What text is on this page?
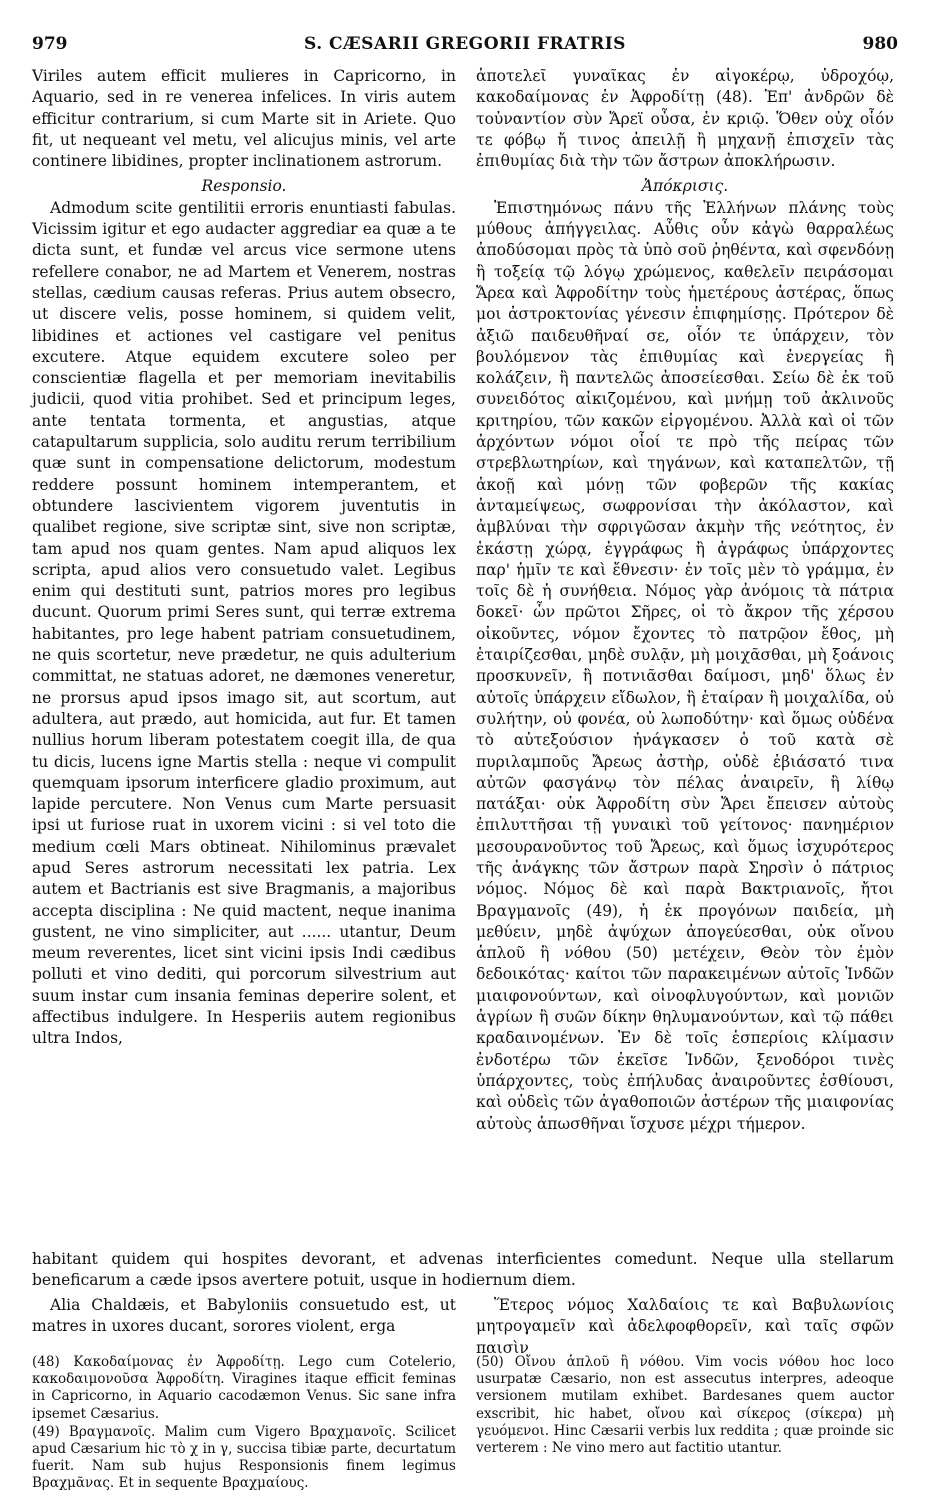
S. CÆSARII GREGORII FRATRIS
979	980

Viriles autem efficit mulieres in Capricorno, in Aquario, sed in re venerea infelices. In viris autem efficitur contrarium, si cum Marte sit in Ariete. Quo fit, ut nequeant vel metu, vel alicujus minis, vel arte continere libidines, propter inclinationem astrorum.

Responsio.

Admodum scite gentilitii erroris enuntiasti fabulas. Vicissim igitur et ego audacter aggrediar ea quæ a te dicta sunt, et fundæ vel arcus vice sermone utens refellere conabor, ne ad Martem et Venerem, nostras stellas, cædium causas referas. Prius autem obsecro, ut discere velis, posse hominem, si quidem velit, libidines et actiones vel castigare vel penitus excutere. Atque equidem excutere soleo per conscientiæ flagella et per memoriam inevitabilis judicii, quod vitia prohibet. Sed et principum leges, ante tentata tormenta, et angustias, atque catapultarum supplicia, solo auditu rerum terribilium quæ sunt in compensatione delictorum, modestum reddere possunt hominem intemperantem, et obtundere lascivientem vigorem juventutis in qualibet regione, sive scriptæ sint, sive non scriptæ, tam apud nos quam gentes. Nam apud aliquos lex scripta, apud alios vero consuetudo valet. Legibus enim qui destituti sunt, patrios mores pro legibus ducunt. Quorum primi Seres sunt, qui terræ extrema habitantes, pro lege habent patriam consuetudinem, ne quis scortetur, neve prædetur, ne quis adulterium committat, ne statuas adoret, ne dæmones veneretur, ne prorsus apud ipsos imago sit, aut scortum, aut adultera, aut prædo, aut homicida, aut fur. Et tamen nullius horum liberam potestatem coegit illa, de qua tu dicis, lucens igne Martis stella : neque vi compulit quemquam ipsorum interficere gladio proximum, aut lapide percutere. Non Venus cum Marte persuasit ipsi ut furiose ruat in uxorem vicini : si vel toto die medium cœli Mars obtineat. Nihilominus prævalet apud Seres astrorum necessitati lex patria. Lex autem et Bactrianis est sive Bragmanis, a majoribus accepta disciplina : Ne quid mactent, neque inanima gustent, ne vino simpliciter, aut ...... utantur, Deum meum reverentes, licet sint vicini ipsis Indi cædibus polluti et vino dediti, qui porcorum silvestrium aut suum instar cum insania feminas deperire solent, et affectibus indulgere. In Hesperiis autem regionibus ultra Indos,

ἀποτελεῖ γυναῖκας ἐν αἰγοκέρῳ, ὑδροχόῳ, κακοδαίμονας ἐν Ἀφροδίτῃ (48). Ἐπ' ἀνδρῶν δὲ τοὐναντίον σὺν Ἄρεϊ οὖσα, ἐν κριῷ. Ὅθεν οὐχ οἷόν τε φόβῳ ἤ τινος ἀπειλῇ ἢ μηχανῇ ἐπισχεῖν τὰς ἐπιθυμίας διὰ τὴν τῶν ἄστρων ἀποκλήρωσιν.

Ἀπόκρισις.

Ἐπιστημόνως πάνυ τῆς Ἑλλήνων πλάνης τοὺς μύθους ἀπήγγειλας. Αὖθις οὖν κἀγὼ θαρραλέως ἀποδύσομαι πρὸς τὰ ὑπὸ σοῦ ῥηθέντα, καὶ σφενδόνῃ ἢ τοξείᾳ τῷ λόγῳ χρώμενος, καθελεῖν πειράσομαι Ἄρεα καὶ Ἀφροδίτην τοὺς ἡμετέρους ἀστέρας, ὅπως μοι ἀστροκτονίας γένεσιν ἐπιφημίσῃς. Πρότερον δὲ ἀξιῶ παιδευθῆναί σε, οἷόν τε ὑπάρχειν, τὸν βουλόμενον τὰς ἐπιθυμίας καὶ ἐνεργείας ἢ κολάζειν, ἢ παντελῶς ἀποσείεσθαι. Σείω δὲ ἐκ τοῦ συνειδότος αἰκιζομένου, καὶ μνήμῃ τοῦ ἀκλινοῦς κριτηρίου, τῶν κακῶν εἰργομένου. Ἀλλὰ καὶ οἱ τῶν ἀρχόντων νόμοι οἷοί τε πρὸ τῆς πείρας τῶν στρεβλωτηρίων, καὶ τηγάνων, καὶ καταπελτῶν, τῇ ἀκοῇ καὶ μόνῃ τῶν φοβερῶν τῆς κακίας ἀνταμείψεως, σωφρονίσαι τὴν ἀκόλαστον, καὶ ἀμβλύναι τὴν σφριγῶσαν ἀκμὴν τῆς νεότητος, ἐν ἑκάστῃ χώρᾳ, ἐγγράφως ἢ ἀγράφως ὑπάρχοντες παρ' ἡμῖν τε καὶ ἔθνεσιν· ἐν τοῖς μὲν τὸ γράμμα, ἐν τοῖς δὲ ἡ συνήθεια. Νόμος γὰρ ἀνόμοις τὰ πάτρια δοκεῖ· ὧν πρῶτοι Σῆρες, οἱ τὸ ἄκρον τῆς χέρσου οἰκοῦντες, νόμον ἔχοντες τὸ πατρῷον ἔθος, μὴ ἑταιρίζεσθαι, μηδὲ συλᾷν, μὴ μοιχᾶσθαι, μὴ ξοάνοις προσκυνεῖν, ἢ ποτνιᾶσθαι δαίμοσι, μηδ' ὅλως ἐν αὐτοῖς ὑπάρχειν εἴδωλον, ἢ ἑταίραν ἢ μοιχαλίδα, οὐ συλήτην, οὐ φονέα, οὐ λωποδύτην· καὶ ὅμως οὐδένα τὸ αὐτεξούσιον ἠνάγκασεν ὁ τοῦ κατὰ σὲ πυριλαμποῦς Ἄρεως ἀστὴρ, οὐδὲ ἐβιάσατό τινα αὐτῶν φασγάνῳ τὸν πέλας ἀναιρεῖν, ἢ λίθῳ πατάξαι· οὐκ Ἀφροδίτη σὺν Ἄρει ἔπεισεν αὐτοὺς ἐπιλυττῆσαι τῇ γυναικὶ τοῦ γείτονος· πανημέριον μεσουρανοῦντος τοῦ Ἄρεως, καὶ ὅμως ἰσχυρότερος τῆς ἀνάγκης τῶν ἄστρων παρὰ Σηρσὶν ὁ πάτριος νόμος. Νόμος δὲ καὶ παρὰ Βακτριανοῖς, ἤτοι Βραγμανοῖς (49), ἡ ἐκ προγόνων παιδεία, μὴ μεθύειν, μηδὲ ἀψύχων ἀπογεύεσθαι, οὐκ οἴνου ἁπλοῦ ἢ νόθου (50) μετέχειν, Θεὸν τὸν ἐμὸν δεδοικότας· καίτοι τῶν παρακειμένων αὐτοῖς Ἰνδῶν μιαιφονούντων, καὶ οἰνοφλυγούντων, καὶ μονιῶν ἀγρίων ἢ συῶν δίκην θηλυμανούντων, καὶ τῷ πάθει κραδαινομένων. Ἐν δὲ τοῖς ἑσπερίοις κλίμασιν ἐνδοτέρω τῶν ἐκεῖσε Ἰνδῶν, ξενοδόροι τινὲς ὑπάρχοντες, τοὺς ἐπήλυδας ἀναιροῦντες ἐσθίουσι, καὶ οὐδεὶς τῶν ἀγαθοποιῶν ἀστέρων τῆς μιαιφονίας αὐτοὺς ἀπωσθῆναι ἴσχυσε μέχρι τήμερον.

habitant quidem qui hospites devorant, et advenas interficientes comedunt. Neque ulla stellarum beneficarum a cæde ipsos avertere potuit, usque in hodiernum diem.
Alia Chaldæis, et Babyloniis consuetudo est, ut matres in uxores ducant, sorores violent, erga
Ἕτερος νόμος Χαλδαίοις τε καὶ Βαβυλωνίοις μητρογαμεῖν καὶ ἀδελφοφθορεῖν, καὶ ταῖς σφῶν παισὶν

(48) Κακοδαίμονας ἐν Ἀφροδίτῃ. Lego cum Cotelerio, κακοδαιμονοῦσα Ἀφροδίτη. Viragines itaque efficit feminas in Capricorno, in Aquario cacodæmon Venus. Sic sane infra ipsemet Cæsarius.

(49) Βραγμανοῖς. Malim cum Vigero Βραχμανοῖς. Scilicet apud Cæsarium hic τὸ χ in γ, succisa tibiæ parte, decurtatum fuerit. Nam sub hujus Responsionis finem legimus Βραχμᾶνας. Et in sequente Βραχμαίους.

(50) Οἴνου ἁπλοῦ ἢ νόθου. Vim vocis νόθου hoc loco usurpatæ Cæsario, non est assecutus interpres, adeoque versionem mutilam exhibet. Bardesanes quem auctor exscribit, hic habet, οἴνου καὶ σίκερος (σίκερα) μὴ γευόμενοι. Hinc Cæsarii verbis lux reddita ; quæ proinde sic verterem : Ne vino mero aut factitio utantur.
